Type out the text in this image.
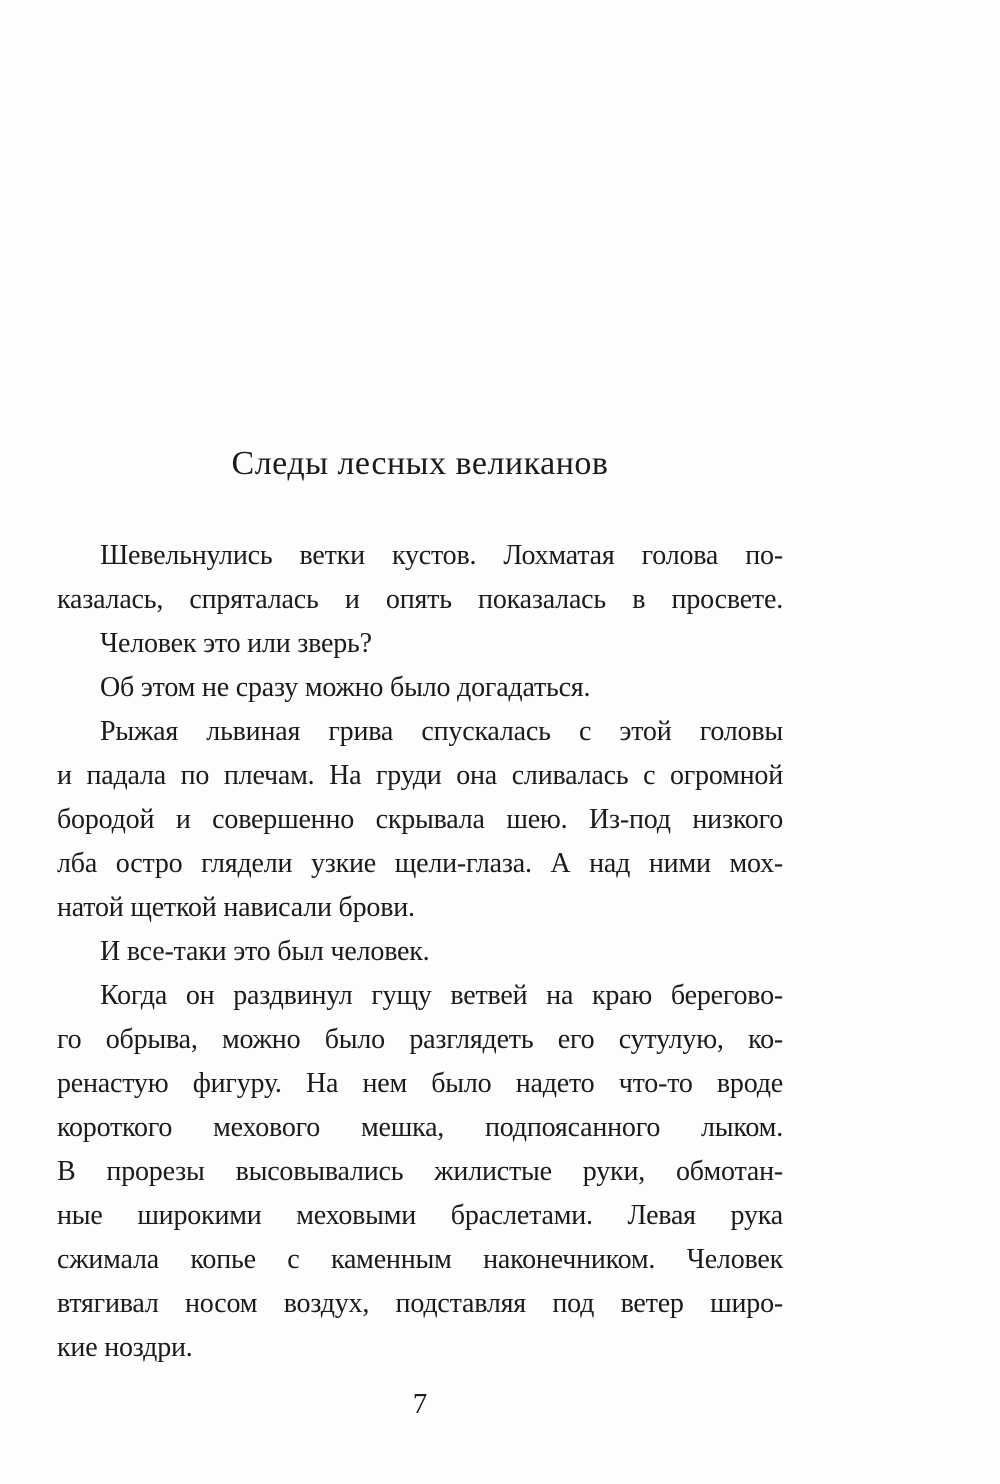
Следы лесных великанов
Шевельнулись ветки кустов. Лохматая голова по-
казалась, спряталась и опять показалась в просвете.
Человек это или зверь?
Об этом не сразу можно было догадаться.
Рыжая львиная грива спускалась с этой головы
и падала по плечам. На груди она сливалась с огромной
бородой и совершенно скрывала шею. Из-под низкого
лба остро глядели узкие щели-глаза. А над ними мох-
натой щеткой нависали брови.
И все-таки это был человек.
Когда он раздвинул гущу ветвей на краю берегово-
го обрыва, можно было разглядеть его сутулую, ко-
ренастую фигуру. На нем было надето что-то вроде
короткого мехового мешка, подпоясанного лыком.
В прорезы высовывались жилистые руки, обмотан-
ные широкими меховыми браслетами. Левая рука
сжимала копье с каменным наконечником. Человек
втягивал носом воздух, подставляя под ветер широ-
кие ноздри.
7
